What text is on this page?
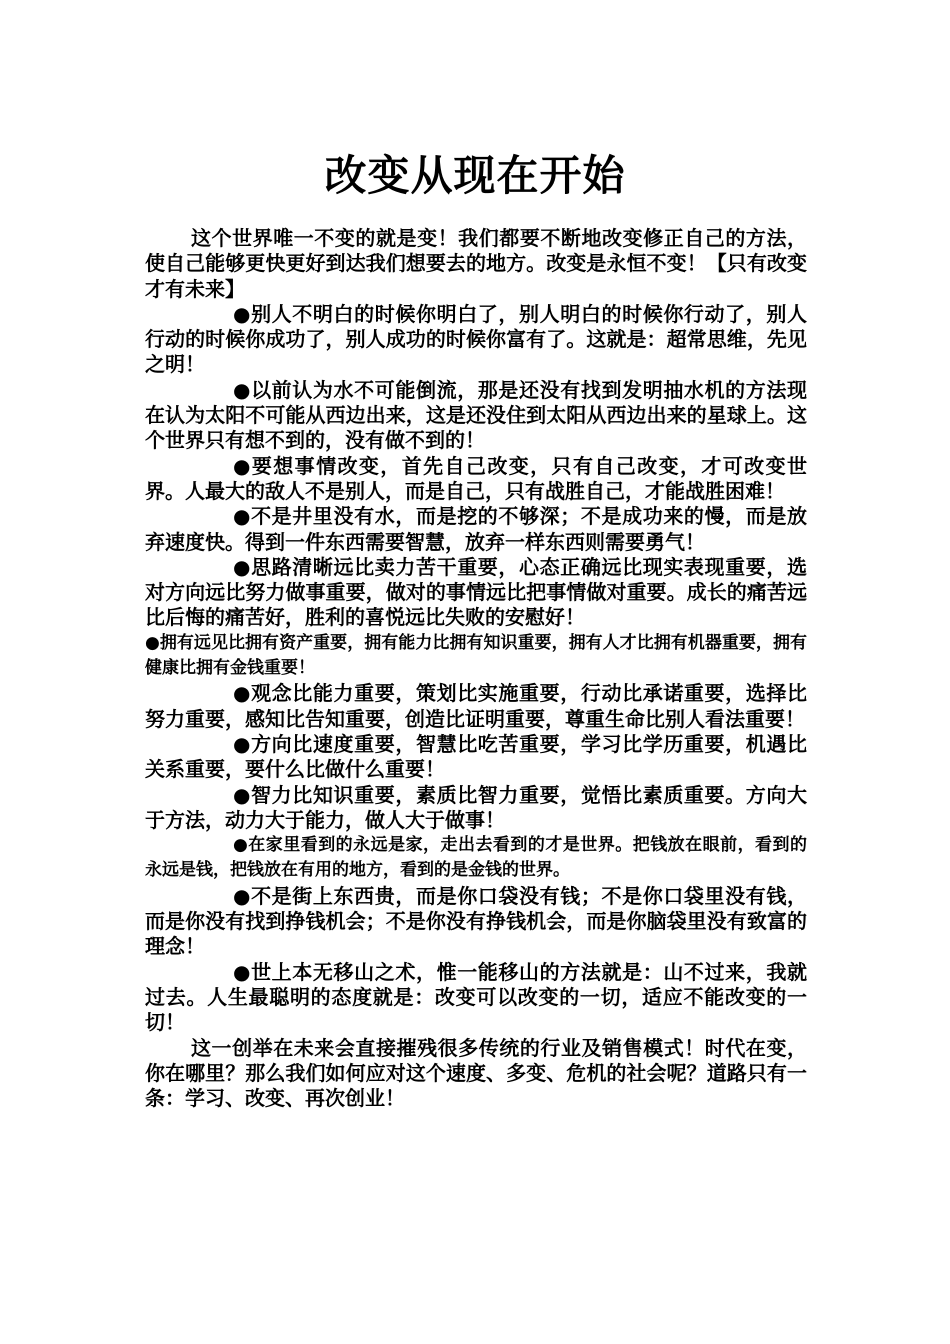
改变从现在开始

这个世界唯一不变的就是变！我们都要不断地改变修正自己的方法，使自己能够更快更好到达我们想要去的地方。改变是永恒不变！【只有改变才有未来】

●别人不明白的时候你明白了，别人明白的时候你行动了，别人行动的时候你成功了，别人成功的时候你富有了。这就是：超常思维，先见之明！

●以前认为水不可能倒流，那是还没有找到发明抽水机的方法现在认为太阳不可能从西边出来，这是还没住到太阳从西边出来的星球上。这个世界只有想不到的，没有做不到的！

●要想事情改变，首先自己改变，只有自己改变，才可改变世界。人最大的敌人不是别人，而是自己，只有战胜自己，才能战胜困难！

●不是井里没有水，而是挖的不够深；不是成功来的慢，而是放弃速度快。得到一件东西需要智慧，放弃一样东西则需要勇气！

●思路清晰远比卖力苦干重要，心态正确远比现实表现重要，选对方向远比努力做事重要，做对的事情远比把事情做对重要。成长的痛苦远比后悔的痛苦好，胜利的喜悦远比失败的安慰好！

●拥有远见比拥有资产重要，拥有能力比拥有知识重要，拥有人才比拥有机器重要，拥有健康比拥有金钱重要！

●观念比能力重要，策划比实施重要，行动比承诺重要，选择比努力重要，感知比告知重要，创造比证明重要，尊重生命比别人看法重要！

●方向比速度重要，智慧比吃苦重要，学习比学历重要，机遇比关系重要，要什么比做什么重要！

●智力比知识重要，素质比智力重要，觉悟比素质重要。方向大于方法，动力大于能力，做人大于做事！

●在家里看到的永远是家，走出去看到的才是世界。把钱放在眼前，看到的永远是钱，把钱放在有用的地方，看到的是金钱的世界。

●不是街上东西贵，而是你口袋没有钱；不是你口袋里没有钱，而是你没有找到挣钱机会；不是你没有挣钱机会，而是你脑袋里没有致富的理念！

●世上本无移山之术，惟一能移山的方法就是：山不过来，我就过去。人生最聪明的态度就是：改变可以改变的一切，适应不能改变的一切！

这一创举在未来会直接摧残很多传统的行业及销售模式！时代在变，你在哪里？那么我们如何应对这个速度、多变、危机的社会呢？道路只有一条：学习、改变、再次创业！
